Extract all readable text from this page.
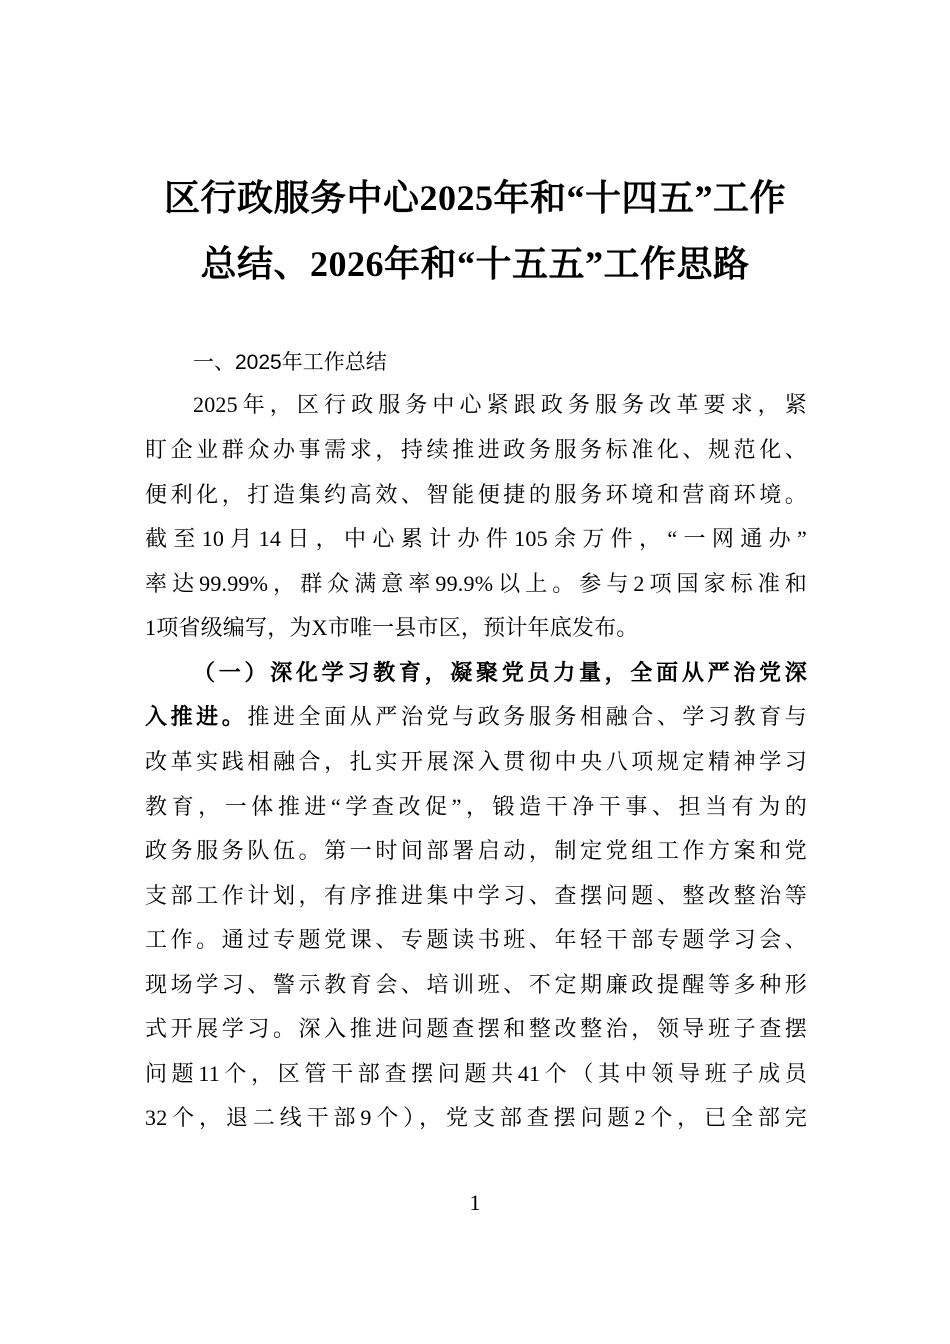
区行政服务中心2025年和“十四五”工作
总结、2026年和“十五五”工作思路
一、2025年工作总结
2025年，区行政服务中心紧跟政务服务改革要求，紧
盯企业群众办事需求，持续推进政务服务标准化、规范化、
便利化，打造集约高效、智能便捷的服务环境和营商环境。
截至10月14日，中心累计办件105余万件，“一网通办”
率达99.99%，群众满意率99.9%以上。参与2项国家标准和
1项省级编写，为X市唯一县市区，预计年底发布。
（一）深化学习教育，凝聚党员力量，全面从严治党深
入推进。推进全面从严治党与政务服务相融合、学习教育与
改革实践相融合，扎实开展深入贯彻中央八项规定精神学习
教育，一体推进“学查改促”，锻造干净干事、担当有为的
政务服务队伍。第一时间部署启动，制定党组工作方案和党
支部工作计划，有序推进集中学习、查摆问题、整改整治等
工作。通过专题党课、专题读书班、年轻干部专题学习会、
现场学习、警示教育会、培训班、不定期廉政提醒等多种形
式开展学习。深入推进问题查摆和整改整治，领导班子查摆
问题11个，区管干部查摆问题共41个（其中领导班子成员
32个，退二线干部9个），党支部查摆问题2个，已全部完
1
